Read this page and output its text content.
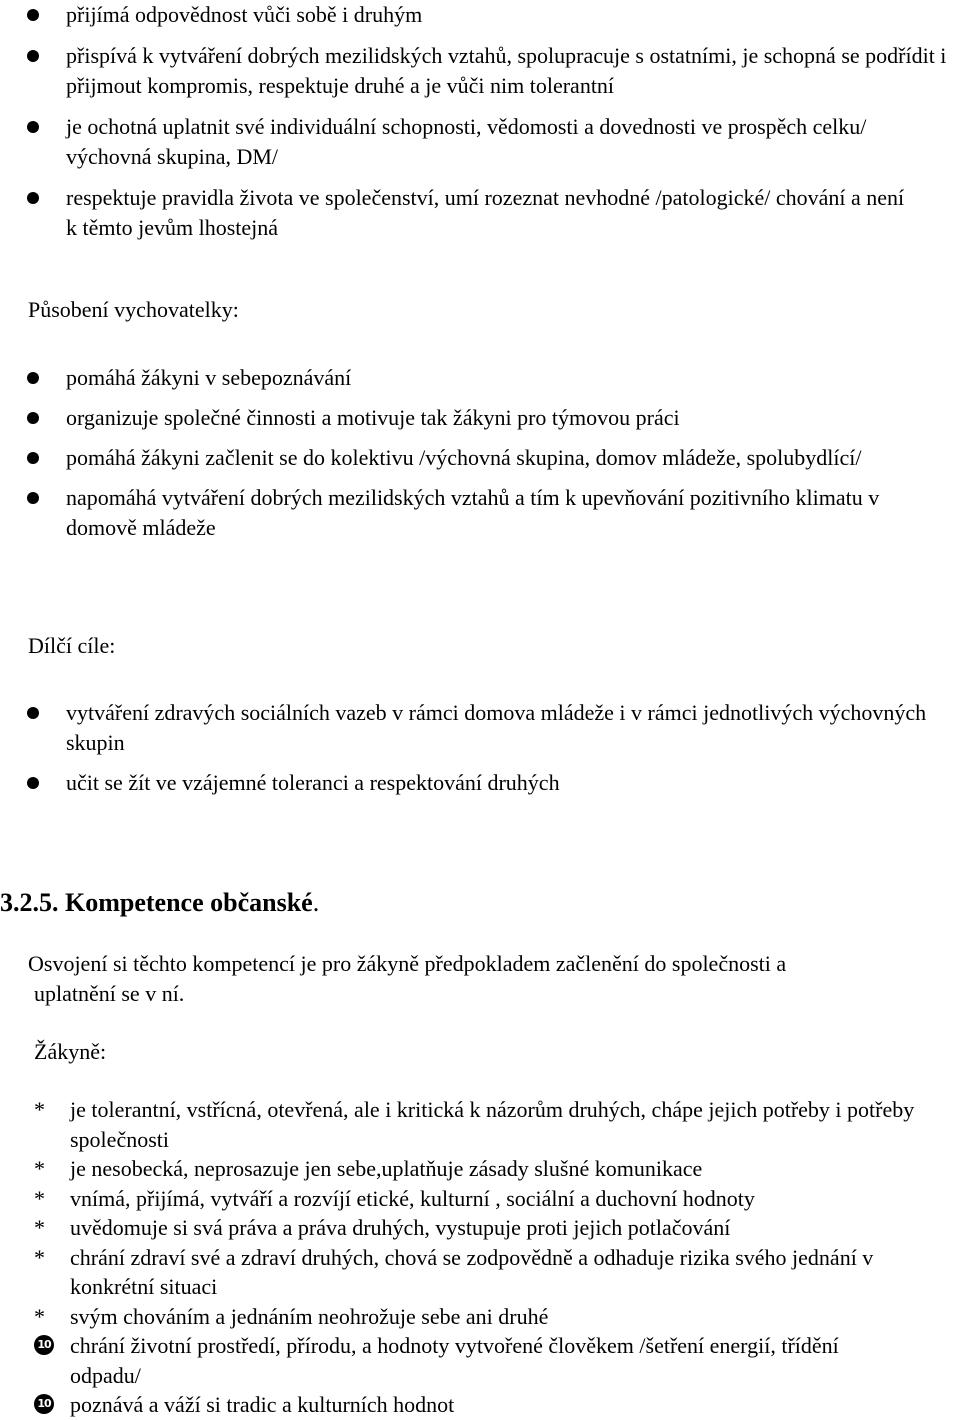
přijímá odpovědnost vůči sobě i druhým
přispívá k vytváření dobrých mezilidských vztahů, spolupracuje s ostatními, je schopná se podřídit i přijmout kompromis, respektuje druhé a je vůči nim tolerantní
je ochotná uplatnit své individuální schopnosti, vědomosti a dovednosti ve prospěch celku/ výchovná skupina, DM/
respektuje pravidla života ve společenství, umí rozeznat nevhodné /patologické/ chování a není k těmto jevům lhostejná
Působení vychovatelky:
pomáhá žákyni v sebepoznávání
organizuje společné činnosti a motivuje tak žákyni pro týmovou práci
pomáhá žákyni začlenit se do kolektivu /výchovná skupina, domov mládeže, spolubydlící/
napomáhá vytváření dobrých mezilidských vztahů a tím k upevňování pozitivního klimatu v domově mládeže
Dílčí cíle:
vytváření zdravých sociálních vazeb v rámci domova mládeže i v rámci jednotlivých výchovných skupin
učit se žít ve vzájemné toleranci a respektování druhých
3.2.5. Kompetence občanské.
Osvojení si těchto kompetencí je pro žákyně předpokladem začlenění do společnosti a
uplatnění se v ní.
Žákyně:
* je tolerantní, vstřícná, otevřená, ale i kritická k názorům druhých, chápe jejich potřeby i potřeby společnosti
* je nesobecká, neprosazuje jen sebe,uplatňuje zásady slušné komunikace
* vnímá, přijímá, vytváří a rozvíjí etické, kulturní , sociální a duchovní hodnoty
* uvědomuje si svá práva a práva druhých, vystupuje proti jejich potlačování
* chrání zdraví své a zdraví druhých, chová se zodpovědně a odhaduje rizika svého jednání v konkrétní situaci
* svým chováním a jednáním neohrožuje sebe ani druhé
10 chrání životní prostředí, přírodu, a hodnoty vytvořené člověkem /šetření energií, třídění odpadu/
10 poznává a váží si tradic a kulturních hodnot
